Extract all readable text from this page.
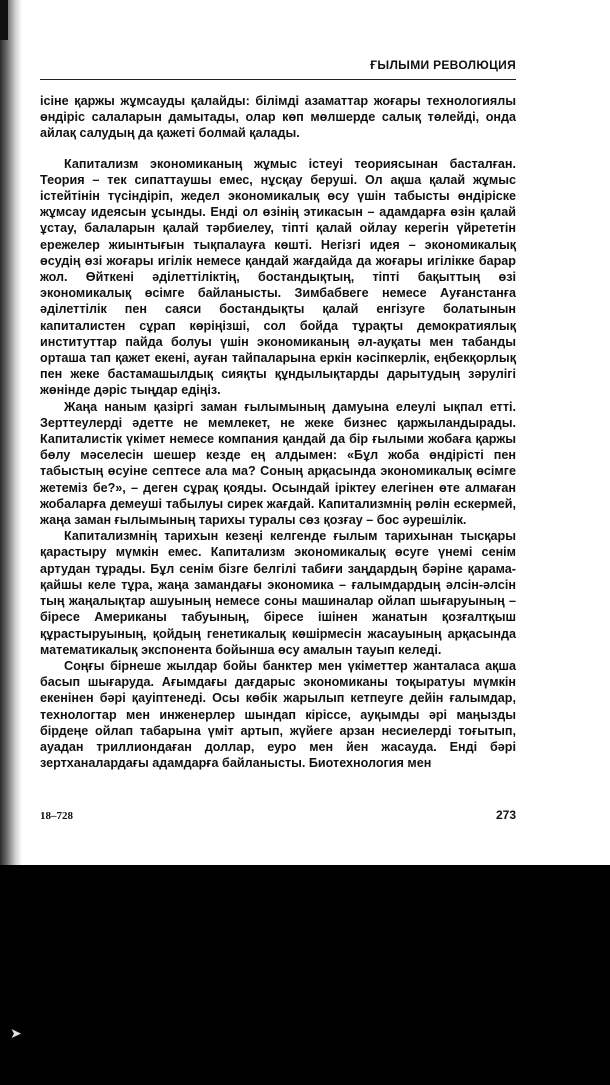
ҒЫЛЫМИ РЕВОЛЮЦИЯ

iсiне қаржы жұмсауды қалайды: бiлiмдi азаматтар жоғары технологиялы өндiрiс салаларын дамытады, олар көп мөлшерде салық төлейдi, онда айлақ салудың да қажетi болмай қалады.

Капитализм экономиканың жұмыс iстеуi теориясынан басталған. Теория – тек сипаттаушы емес, нұсқау берушi. Ол ақша қалай жұмыс iстейтiнiн түсiндiрiп, жедел экономикалық өсу үшiн табысты өндiрiске жұмсау идеясын ұсынды. Ендi ол өзiнiң этикасын – адамдарға өзiн қалай ұстау, балаларын қалай тәрбиелеу, тiптi қалай ойлау керегiн үйрететiн ережелер жиынтығын тықпалауға көштi. Негiзгi идея – экономикалық өсудiң өзi жоғары игiлiк немесе қандай жағдайда да жоғары игiлiкке барар жол. Өйткенi әдiлеттiлiктiң, бостандықтың, тiптi бақыттың өзi экономикалық өсiмге байланысты. Зимбабвеге немесе Ауғанстанға әдiлеттiлiк пен саяси бостандықты қалай енгiзуге болатынын капиталистен сұрап көрiңiзшi, сол бойда тұрақты демократиялық институттар пайда болуы үшiн экономиканың әл-ауқаты мен табанды орташа тап қажет екенi, ауған тайпаларына еркiн кәсiпкерлiк, еңбекқорлық пен жеке бастамашылдық сияқты құндылықтарды дарытудың зәрулiгi жөнiнде дәрiс тыңдар едiңiз.

Жаңа наным қазiргi заман ғылымының дамуына елеулi ықпал еттi. Зерттеулердi әдетте не мемлекет, не жеке бизнес қаржыландырады. Капиталистiк үкiмет немесе компания қандай да бiр ғылыми жобаға қаржы бөлу мәселесiн шешер кезде ең алдымен: «Бұл жоба өндiрiстi пен табыстың өсуiне септесе ала ма? Соның арқасында экономикалық өсiмге жетеміз бе?», – деген сұрақ қояды. Осындай iрiктеу елегiнен өте алмаған жобаларға демеушi табылуы сирек жағдай. Капитализмнiң рөлiн ескермей, жаңа заман ғылымының тарихы туралы сөз қозғау – бос әурешiлiк.

Капитализмнiң тарихын кезеңi келгенде ғылым тарихынан тысқары қарастыру мүмкiн емес. Капитализм экономикалық өсуге үнемi сенiм артудан тұрады. Бұл сенiм бiзге белгiлi табиғи заңдардың бәрiне қарама-қайшы келе тұра, жаңа замандағы экономика – ғалымдардың әлсiн-әлсiн тың жаңалықтар ашуының немесе соны машиналар ойлап шығаруының – бiресе Американы табуының, бiресе iшiнен жанатын қозғалтқыш құрастыруының, қойдың генетикалық көшiрмесiн жасауының арқасында математикалық экспонента бойынша өсу амалын тауып келедi.

Соңғы бiрнеше жылдар бойы банктер мен үкiметтер жанталаса ақша басып шығаруда. Ағымдағы дағдарыс экономиканы тоқыратуы мүмкiн екенiнен бәрi қауiптенедi. Осы көбiк жарылып кетпеуге дейiн ғалымдар, технологтар мен инженерлер шындап кiрiссе, ауқымды әрi маңызды бiрдеңе ойлап табарына үмiт артып, жүйеге арзан несиелердi тоғытып, ауадан триллиондаған доллар, еуро мен йен жасауда. Ендi бәрi зертханалардағы адамдарға байланысты. Биотехнология мен

18–728	273
➤
